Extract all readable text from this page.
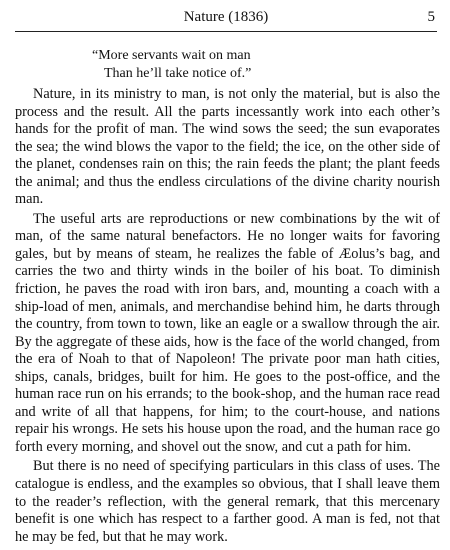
Nature (1836)	5
“More servants wait on man
Than he’ll take notice of.”

Nature, in its ministry to man, is not only the material, but is also the process and the result. All the parts incessantly work into each other’s hands for the profit of man. The wind sows the seed; the sun evaporates the sea; the wind blows the vapor to the field; the ice, on the other side of the planet, condenses rain on this; the rain feeds the plant; the plant feeds the animal; and thus the endless circulations of the divine charity nourish man.

The useful arts are reproductions or new combinations by the wit of man, of the same natural benefactors. He no longer waits for favoring gales, but by means of steam, he realizes the fable of Æolus’s bag, and carries the two and thirty winds in the boiler of his boat. To diminish friction, he paves the road with iron bars, and, mounting a coach with a ship-load of men, animals, and merchandise behind him, he darts through the country, from town to town, like an eagle or a swallow through the air. By the aggregate of these aids, how is the face of the world changed, from the era of Noah to that of Napoleon! The private poor man hath cities, ships, canals, bridges, built for him. He goes to the post-office, and the human race run on his errands; to the book-shop, and the human race read and write of all that happens, for him; to the court-house, and nations repair his wrongs. He sets his house upon the road, and the human race go forth every morning, and shovel out the snow, and cut a path for him.

But there is no need of specifying particulars in this class of uses. The catalogue is endless, and the examples so obvious, that I shall leave them to the reader’s reflection, with the general remark, that this mercenary benefit is one which has respect to a farther good. A man is fed, not that he may be fed, but that he may work.
